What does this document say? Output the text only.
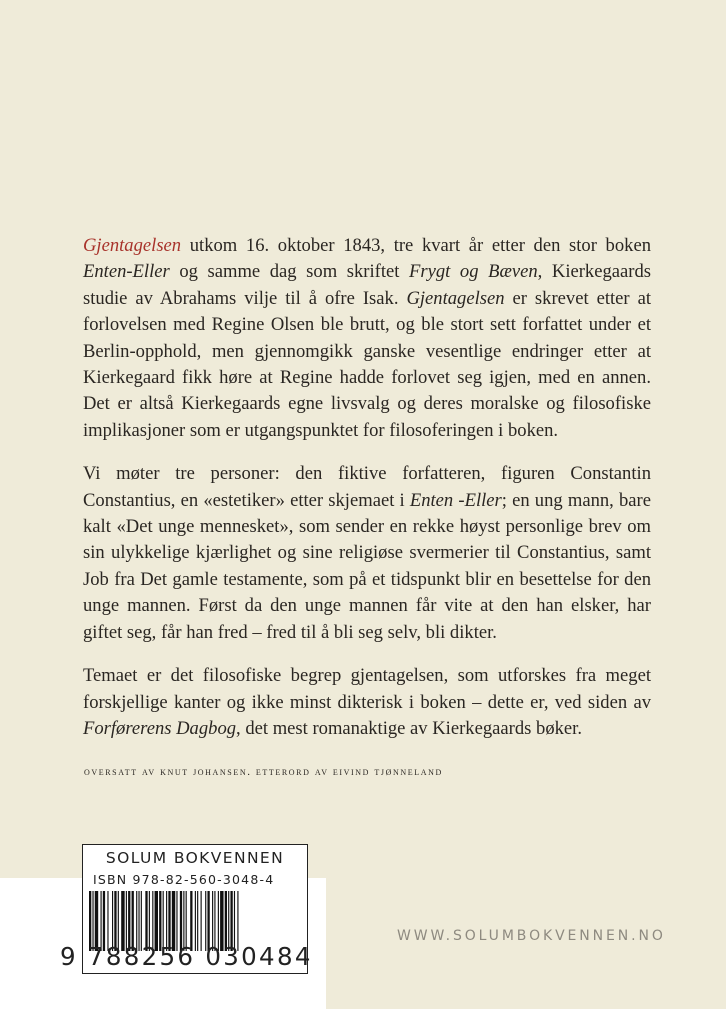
Gjentagelsen utkom 16. oktober 1843, tre kvart år etter den stor boken Enten-Eller og samme dag som skriftet Frygt og Bæven, Kierkegaards studie av Abrahams vilje til å ofre Isak. Gjentagelsen er skrevet etter at forlovelsen med Regine Olsen ble brutt, og ble stort sett forfattet under et Berlin-opphold, men gjennomgikk ganske vesentlige endringer etter at Kierkegaard fikk høre at Regine hadde forlovet seg igjen, med en annen. Det er altså Kierkegaards egne livsvalg og deres moralske og filosofiske implikasjoner som er utgangspunktet for filosoferingen i boken.

Vi møter tre personer: den fiktive forfatteren, figuren Constantin Constantius, en «estetiker» etter skjemaet i Enten -Eller; en ung mann, bare kalt «Det unge mennesket», som sender en rekke høyst personlige brev om sin ulykkelige kjærlighet og sine religiøse svermerier til Constantius, samt Job fra Det gamle testamente, som på et tidspunkt blir en besettelse for den unge mannen. Først da den unge mannen får vite at den han elsker, har giftet seg, får han fred – fred til å bli seg selv, bli dikter.

Temaet er det filosofiske begrep gjentagelsen, som utforskes fra meget forskjellige kanter og ikke minst dikterisk i boken – dette er, ved siden av Forførerens Dagbog, det mest romanaktige av Kierkegaards bøker.

oversatt av knut johansen. etterord av eivind tjønneland
SOLUM BOKVENNEN
ISBN 978-82-560-3048-4
9 788256 030484
WWW.SOLUMBOKVENNEN.NO
